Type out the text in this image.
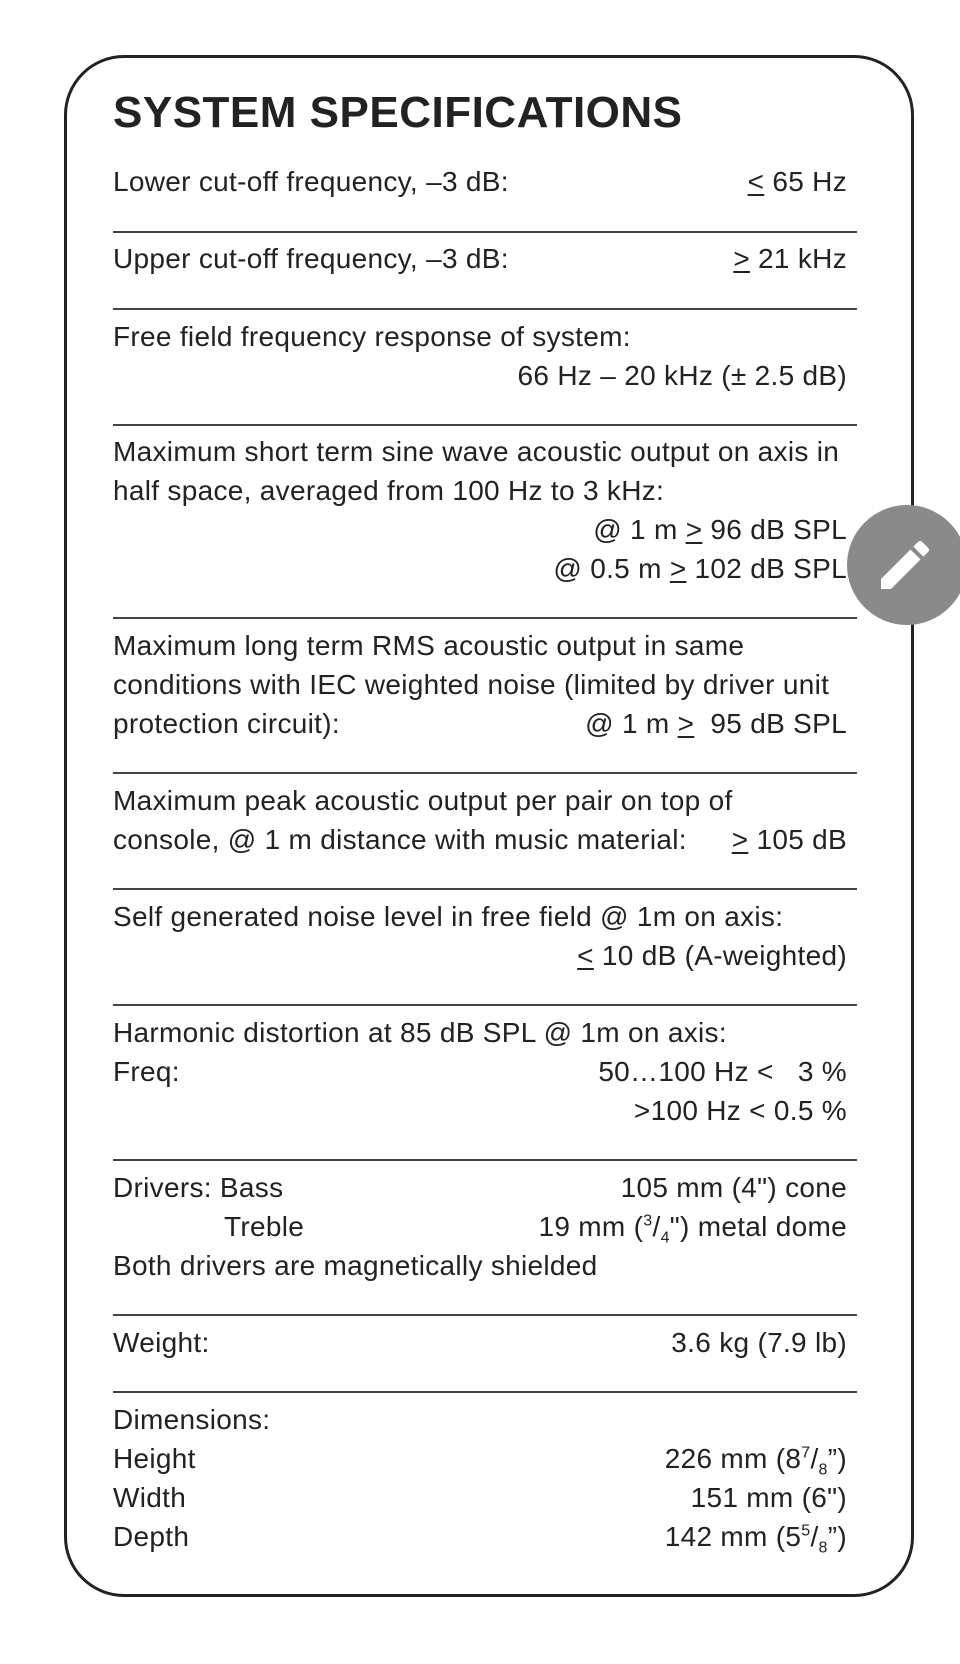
SYSTEM SPECIFICATIONS
Lower cut-off frequency, –3 dB:	< 65 Hz
Upper cut-off frequency, –3 dB:	> 21 kHz
Free field frequency response of system:
66 Hz – 20 kHz (± 2.5 dB)
Maximum short term sine wave acoustic output on axis in
half space, averaged from 100 Hz to 3 kHz:
@ 1 m > 96 dB SPL
@ 0.5 m > 102 dB SPL
Maximum long term RMS acoustic output in same
conditions with IEC weighted noise (limited by driver unit
protection circuit):	@ 1 m >  95 dB SPL
Maximum peak acoustic output per pair on top of
console, @ 1 m distance with music material: > 105 dB
Self generated noise level in free field @ 1m on axis:
< 10 dB (A-weighted)
Harmonic distortion at 85 dB SPL @ 1m on axis:
Freq:	50…100 Hz <   3 %
>100 Hz < 0.5 %
Drivers: Bass	105 mm (4") cone
Treble	19 mm $(^3/_4")$ metal dome
Both drivers are magnetically shielded
Weight:	3.6 kg (7.9 lb)
Dimensions:
Height	226 mm $(8^7/_8”)$
Width	151 mm (6")
Depth	142 mm $(5^5/_8”)$
